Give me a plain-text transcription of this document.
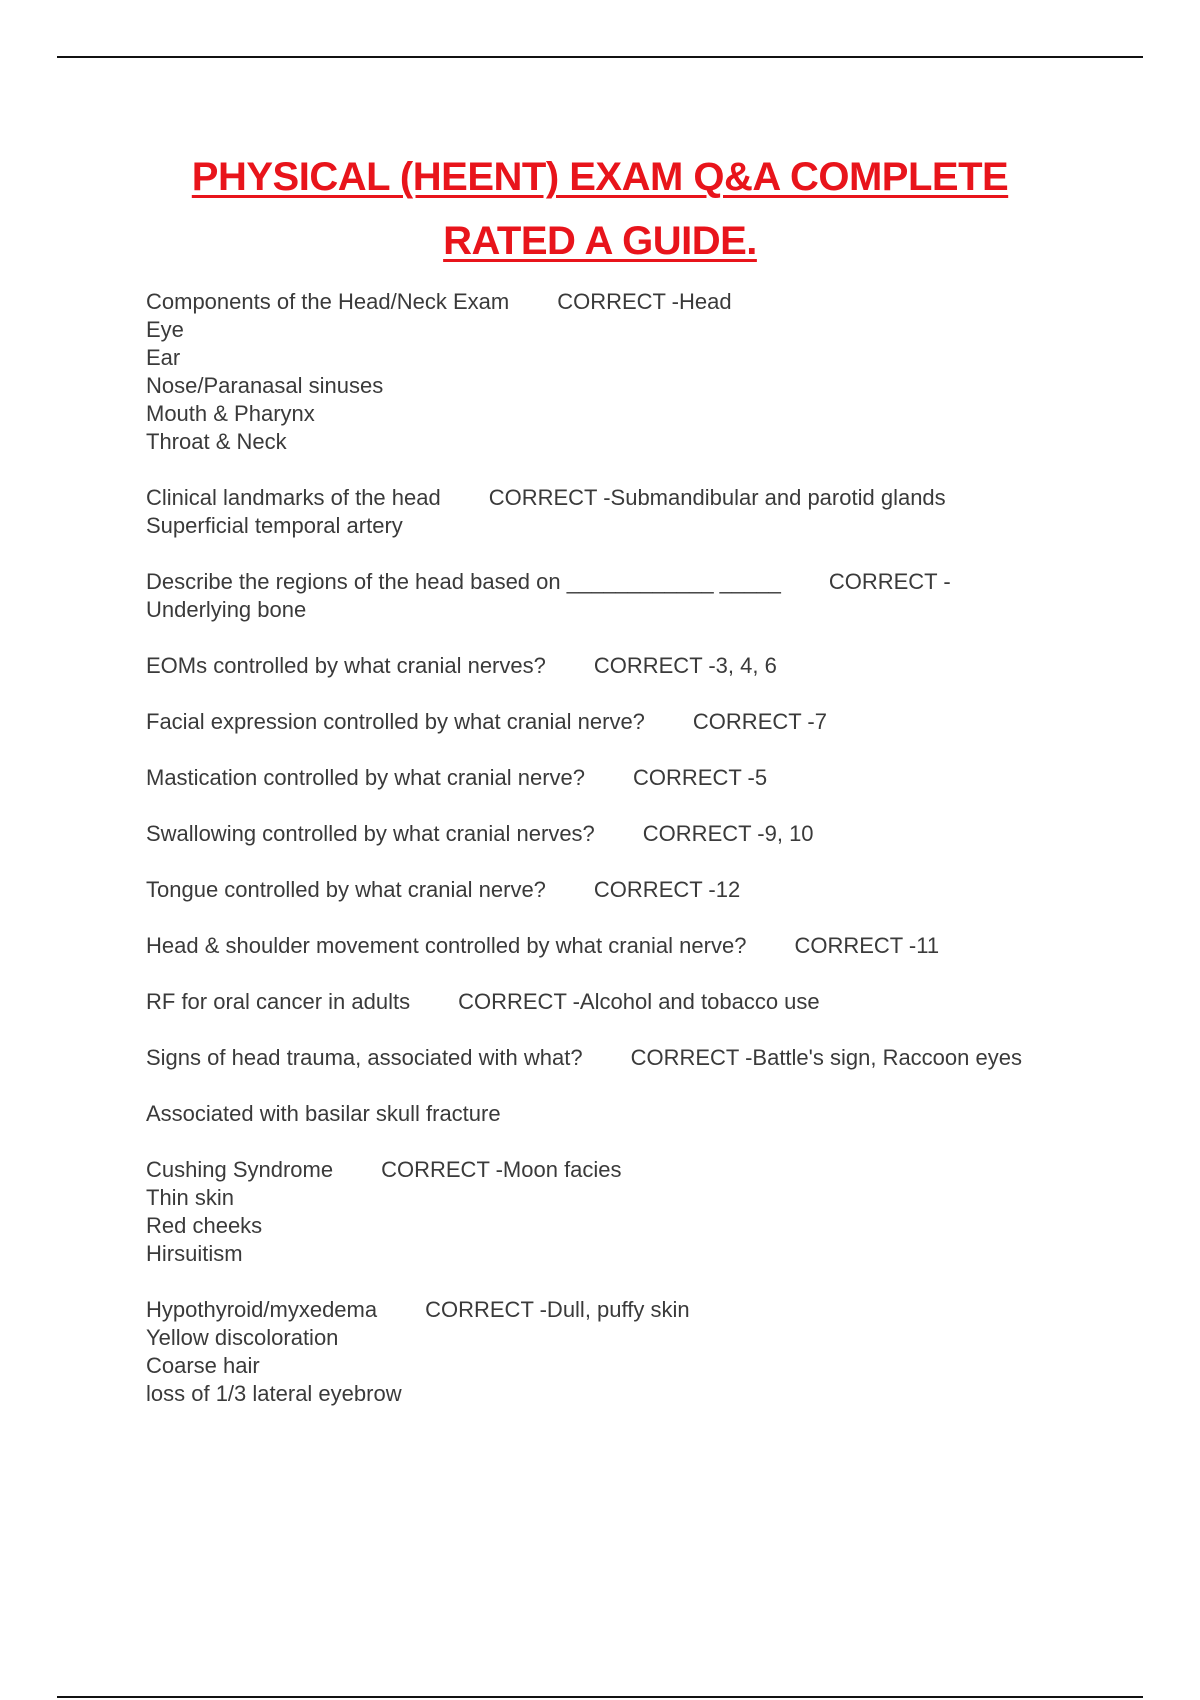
PHYSICAL (HEENT) EXAM Q&A COMPLETE
RATED A GUIDE.
Components of the Head/Neck Exam CORRECT -Head
Eye
Ear
Nose/Paranasal sinuses
Mouth & Pharynx
Throat & Neck
Clinical landmarks of the head CORRECT -Submandibular and parotid glands
Superficial temporal artery
Describe the regions of the head based on ____________ _____ CORRECT -
Underlying bone
EOMs controlled by what cranial nerves? CORRECT -3, 4, 6
Facial expression controlled by what cranial nerve? CORRECT -7
Mastication controlled by what cranial nerve? CORRECT -5
Swallowing controlled by what cranial nerves? CORRECT -9, 10
Tongue controlled by what cranial nerve? CORRECT -12
Head & shoulder movement controlled by what cranial nerve? CORRECT -11
RF for oral cancer in adults CORRECT -Alcohol and tobacco use
Signs of head trauma, associated with what? CORRECT -Battle's sign, Raccoon eyes
Associated with basilar skull fracture
Cushing Syndrome CORRECT -Moon facies
Thin skin
Red cheeks
Hirsuitism
Hypothyroid/myxedema CORRECT -Dull, puffy skin
Yellow discoloration
Coarse hair
loss of 1/3 lateral eyebrow
